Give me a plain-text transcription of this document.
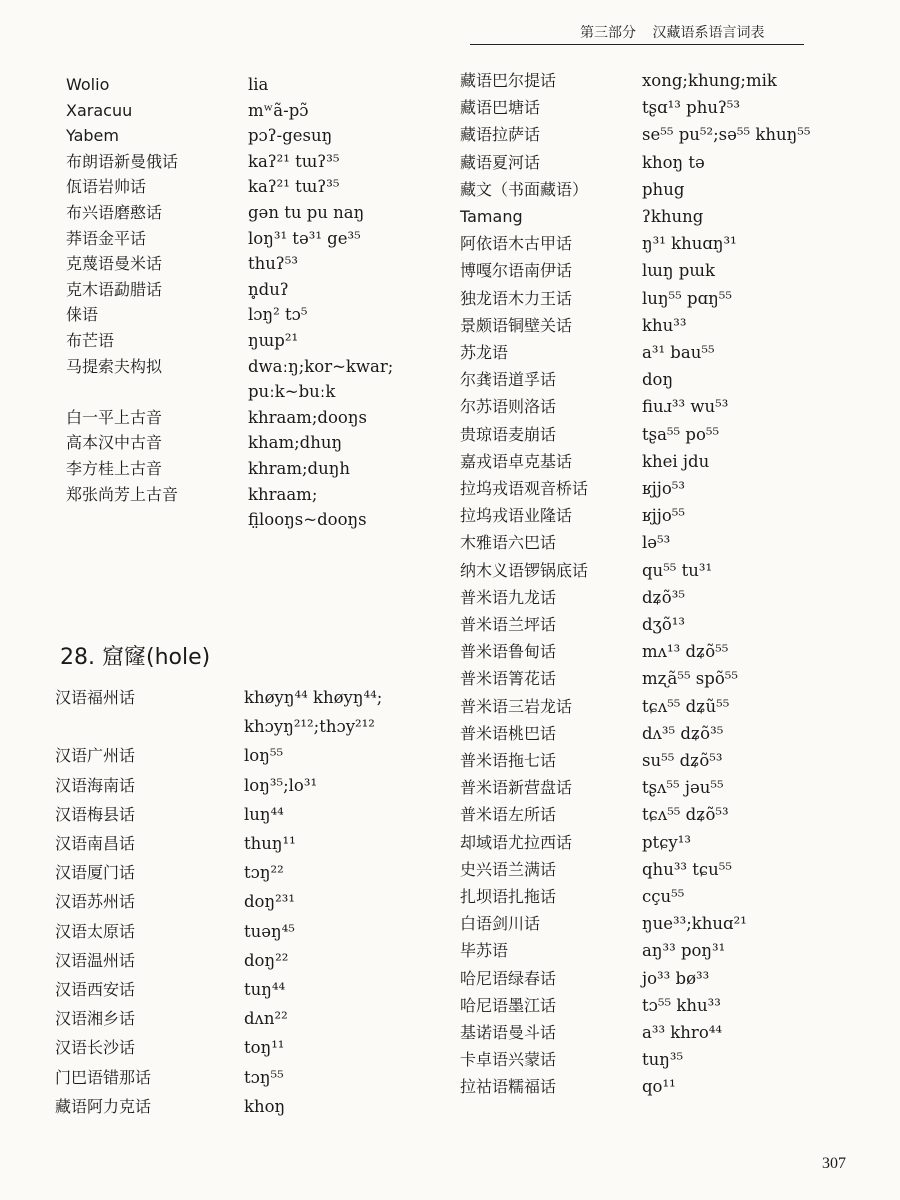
第三部分 汉藏语系语言词表
Wolio	lia
Xaracuu	mʷã-pɔ̃
Yabem	pɔʔ-gesuŋ
布朗语新曼俄话	kaʔ²¹ tɯʔ³⁵
佤语岩帅话	kaʔ²¹ tɯʔ³⁵
布兴语磨憨话	gən tu pu naŋ
莽语金平话	loŋ³¹ tə³¹ ge³⁵
克蔑语曼米话	thuʔ⁵³
克木语勐腊话	n̥duʔ
俫语	lɔŋ² tɔ⁵
布芒语	ŋɯp²¹
马提索夫构拟	dwaːŋ;kor~kwar;
puːk~buːk
白一平上古音	khraam;dooŋs
高本汉中古音	kham;dhuŋ
李方桂上古音	khram;duŋh
郑张尚芳上古音	khraam;
fi̤looŋs~dooŋs
28. 窟窿(hole)
汉语福州话	khøyŋ⁴⁴ khøyŋ⁴⁴;
khɔyŋ²¹²;thɔy²¹²
汉语广州话	loŋ⁵⁵
汉语海南话	loŋ³⁵;lo³¹
汉语梅县话	luŋ⁴⁴
汉语南昌话	thuŋ¹¹
汉语厦门话	tɔŋ²²
汉语苏州话	doŋ²³¹
汉语太原话	tuəŋ⁴⁵
汉语温州话	doŋ²²
汉语西安话	tuŋ⁴⁴
汉语湘乡话	dʌn²²
汉语长沙话	toŋ¹¹
门巴语错那话	tɔŋ⁵⁵
藏语阿力克话	khoŋ
藏语巴尔提话	xong;khung;mik
藏语巴塘话	tʂɑ¹³ phuʔ⁵³
藏语拉萨话	se⁵⁵ pu⁵²;sə⁵⁵ khuŋ⁵⁵
藏语夏河话	khoŋ tə
藏文（书面藏语）	phug
Tamang	ʔkhung
阿依语木古甲话	ŋ³¹ khuɑŋ³¹
博嘎尔语南伊话	lɯŋ pɯk
独龙语木力王话	luŋ⁵⁵ pɑŋ⁵⁵
景颇语铜壁关话	khu³³
苏龙语	a³¹ bau⁵⁵
尔龚语道孚话	doŋ
尔苏语则洛话	fiuɹ³³ wu⁵³
贵琼语麦崩话	tʂa⁵⁵ po⁵⁵
嘉戎语卓克基话	khei jdu
拉坞戎语观音桥话	ʁjjo⁵³
拉坞戎语业隆话	ʁjjo⁵⁵
木雅语六巴话	lə⁵³
纳木义语锣锅底话	qu⁵⁵ tu³¹
普米语九龙话	dʑõ³⁵
普米语兰坪话	dʒõ¹³
普米语鲁甸话	mʌ¹³ dʑõ⁵⁵
普米语箐花话	mʐã⁵⁵ spõ⁵⁵
普米语三岩龙话	tɕʌ⁵⁵ dʑũ⁵⁵
普米语桃巴话	dʌ³⁵ dʑõ³⁵
普米语拖七话	su⁵⁵ dʑõ⁵³
普米语新营盘话	tʂʌ⁵⁵ jəu⁵⁵
普米语左所话	tɕʌ⁵⁵ dʑõ⁵³
却域语尤拉西话	ptɕy¹³
史兴语兰满话	qhu³³ tɕu⁵⁵
扎坝语扎拖话	cçu⁵⁵
白语剑川话	ŋue³³;khuɑ²¹
毕苏语	aŋ³³ poŋ³¹
哈尼语绿春话	jo³³ bø³³
哈尼语墨江话	tɔ⁵⁵ khu³³
基诺语曼斗话	a³³ khro⁴⁴
卡卓语兴蒙话	tuŋ³⁵
拉祜语糯福话	qo¹¹
307
